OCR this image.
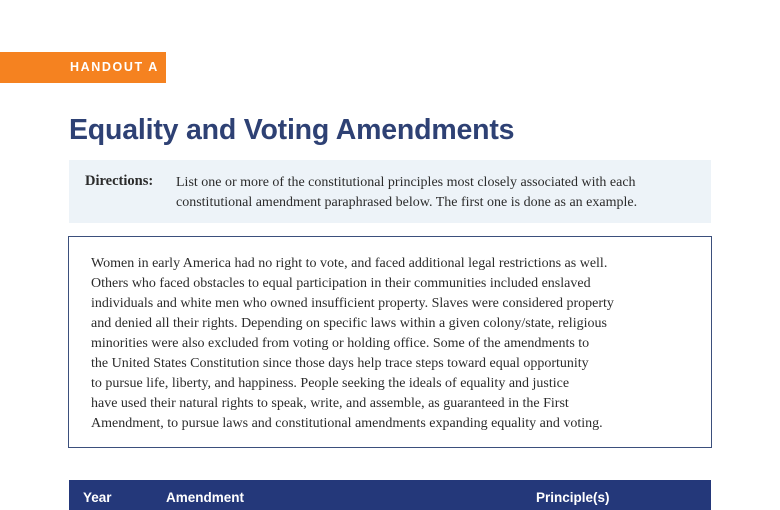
HANDOUT A
Equality and Voting Amendments
Directions: List one or more of the constitutional principles most closely associated with each constitutional amendment paraphrased below. The first one is done as an example.
Women in early America had no right to vote, and faced additional legal restrictions as well.
Others who faced obstacles to equal participation in their communities included enslaved
individuals and white men who owned insufficient property. Slaves were considered property
and denied all their rights. Depending on specific laws within a given colony/state, religious
minorities were also excluded from voting or holding office. Some of the amendments to
the United States Constitution since those days help trace steps toward equal opportunity
to pursue life, liberty, and happiness. People seeking the ideals of equality and justice
have used their natural rights to speak, write, and assemble, as guaranteed in the First
Amendment, to pursue laws and constitutional amendments expanding equality and voting.
Year	Amendment	Principle(s)
